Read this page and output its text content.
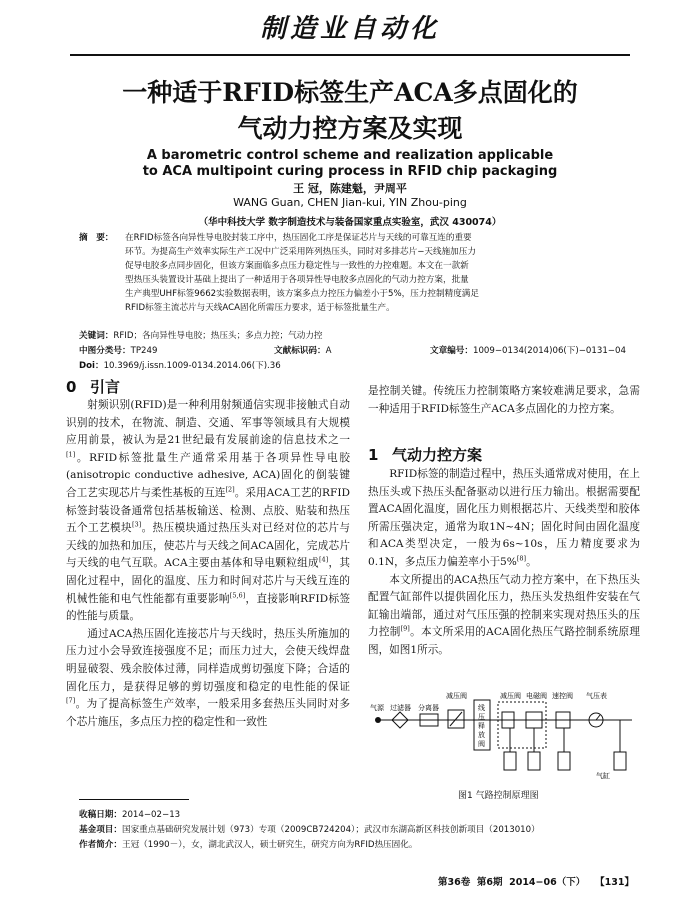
制造业自动化
一种适于RFID标签生产ACA多点固化的
气动力控方案及实现
A barometric control scheme and realization applicable
to ACA multipoint curing process in RFID chip packaging
王 冠，陈建魁，尹周平
WANG Guan, CHEN Jian-kui, YIN Zhou-ping
（华中科技大学 数字制造技术与装备国家重点实验室，武汉 430074）
摘　要： 在RFID标签各向异性导电胶封装工序中，热压固化工序是保证芯片与天线的可靠互连的重要
环节。为提高生产效率实际生产工况中广泛采用阵列热压头，同时对多排芯片−天线施加压力
促导电胶多点同步固化，但该方案面临多点压力稳定性与一致性的力控难题。本文在一款新
型热压头装置设计基础上提出了一种适用于各项异性导电胶多点固化的气动力控方案，批量
生产典型UHF标签9662实验数据表明，该方案多点力控压力偏差小于5%，压力控制精度满足
RFID标签主流芯片与天线ACA固化所需压力要求，适于标签批量生产。
关键词：RFID；各向异性导电胶；热压头；多点力控；气动力控
中图分类号：TP249	文献标识码：A	文章编号：1009−0134(2014)06(下)−0131−04
Doi：10.3969/j.issn.1009-0134.2014.06(下).36
0 引言

射频识别(RFID)是一种利用射频通信实现非接触式自动识别的技术，在物流、制造、交通、军事等领域具有大规模应用前景，被认为是21世纪最有发展前途的信息技术之一[1]。RFID标签批量生产通常采用基于各项异性导电胶(anisotropic conductive adhesive, ACA)固化的倒装键合工艺实现芯片与柔性基板的互连[2]。采用ACA工艺的RFID标签封装设备通常包括基板输送、检测、点胶、贴装和热压五个工艺模块[3]。热压模块通过热压头对已经对位的芯片与天线的加热和加压，使芯片与天线之间ACA固化，完成芯片与天线的电气互联。ACA主要由基体和导电颗粒组成[4]，其固化过程中，固化的温度、压力和时间对芯片与天线互连的机械性能和电气性能都有重要影响[5,6]，直接影响RFID标签的性能与质量。

通过ACA热压固化连接芯片与天线时，热压头所施加的压力过小会导致连接强度不足；而压力过大，会使天线焊盘明显破裂、残余胶体过薄，同样造成剪切强度下降；合适的固化压力，是获得足够的剪切强度和稳定的电性能的保证[7]。为了提高标签生产效率，一般采用多套热压头同时对多个芯片施压，多点压力控的稳定性和一致性

是控制关键。传统压力控制策略方案较难满足要求，急需一种适用于RFID标签生产ACA多点固化的力控方案。

1 气动力控方案

RFID标签的制造过程中，热压头通常成对使用，在上热压头或下热压头配备驱动以进行压力输出。根据需要配置ACA固化温度，固化压力则根据芯片、天线类型和胶体所需压强决定，通常为取1N~4N；固化时间由固化温度和ACA类型决定，一般为6s~10s，压力精度要求为0.1N，多点压力偏差率小于5%[8]。

本文所提出的ACA热压气动力控方案中，在下热压头配置气缸部件以提供固化压力，热压头发热组件安装在气缸输出端部，通过对气压压强的控制来实现对热压头的压力控制[9]。本文所采用的ACA固化热压气路控制系统原理图，如图1所示。

气源 过滤器 分离器
减压阀
线
压
释
放
阀
减压阀 电磁阀 速控阀 气压表
气缸
图1 气路控制原理图
收稿日期：2014−02−13
基金项目：国家重点基础研究发展计划（973）专项（2009CB724204）；武汉市东湖高新区科技创新项目（2013010）
作者简介：王冠（1990－），女，湖北武汉人，硕士研究生，研究方向为RFID热压固化。
第36卷 第6期 2014−06（下） 【131】
